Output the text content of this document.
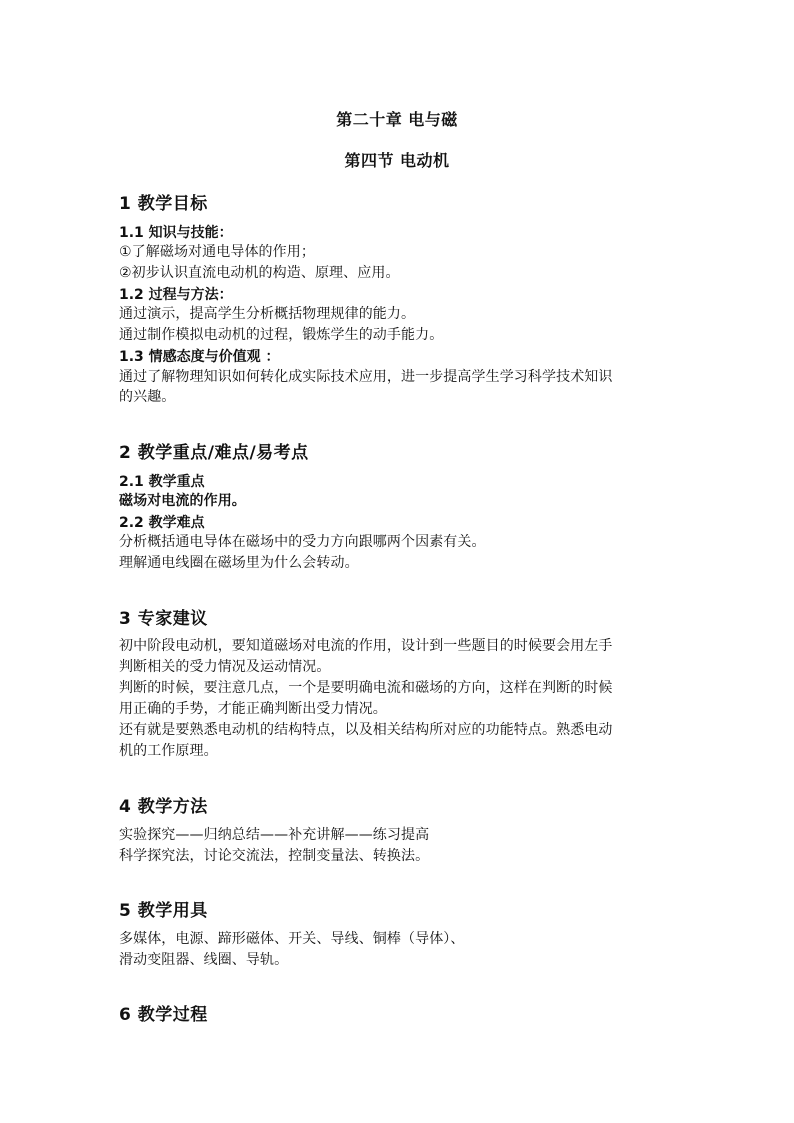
第二十章 电与磁
第四节 电动机
1 教学目标
1.1 知识与技能：
①了解磁场对通电导体的作用；
②初步认识直流电动机的构造、原理、应用。
1.2 过程与方法：
通过演示，提高学生分析概括物理规律的能力。
通过制作模拟电动机的过程，锻炼学生的动手能力。
1.3 情感态度与价值观 ：
通过了解物理知识如何转化成实际技术应用，进一步提高学生学习科学技术知识
的兴趣。
2 教学重点/难点/易考点
2.1 教学重点
磁场对电流的作用。
2.2 教学难点
分析概括通电导体在磁场中的受力方向跟哪两个因素有关。
理解通电线圈在磁场里为什么会转动。
3 专家建议
初中阶段电动机，要知道磁场对电流的作用，设计到一些题目的时候要会用左手
判断相关的受力情况及运动情况。
判断的时候，要注意几点，一个是要明确电流和磁场的方向，这样在判断的时候
用正确的手势，才能正确判断出受力情况。
还有就是要熟悉电动机的结构特点，以及相关结构所对应的功能特点。熟悉电动
机的工作原理。
4 教学方法
实验探究——归纳总结——补充讲解——练习提高
科学探究法，讨论交流法，控制变量法、转换法。
5 教学用具
多媒体，电源、蹄形磁体、开关、导线、铜棒（导体）、
滑动变阻器、线圈、导轨。
6 教学过程
